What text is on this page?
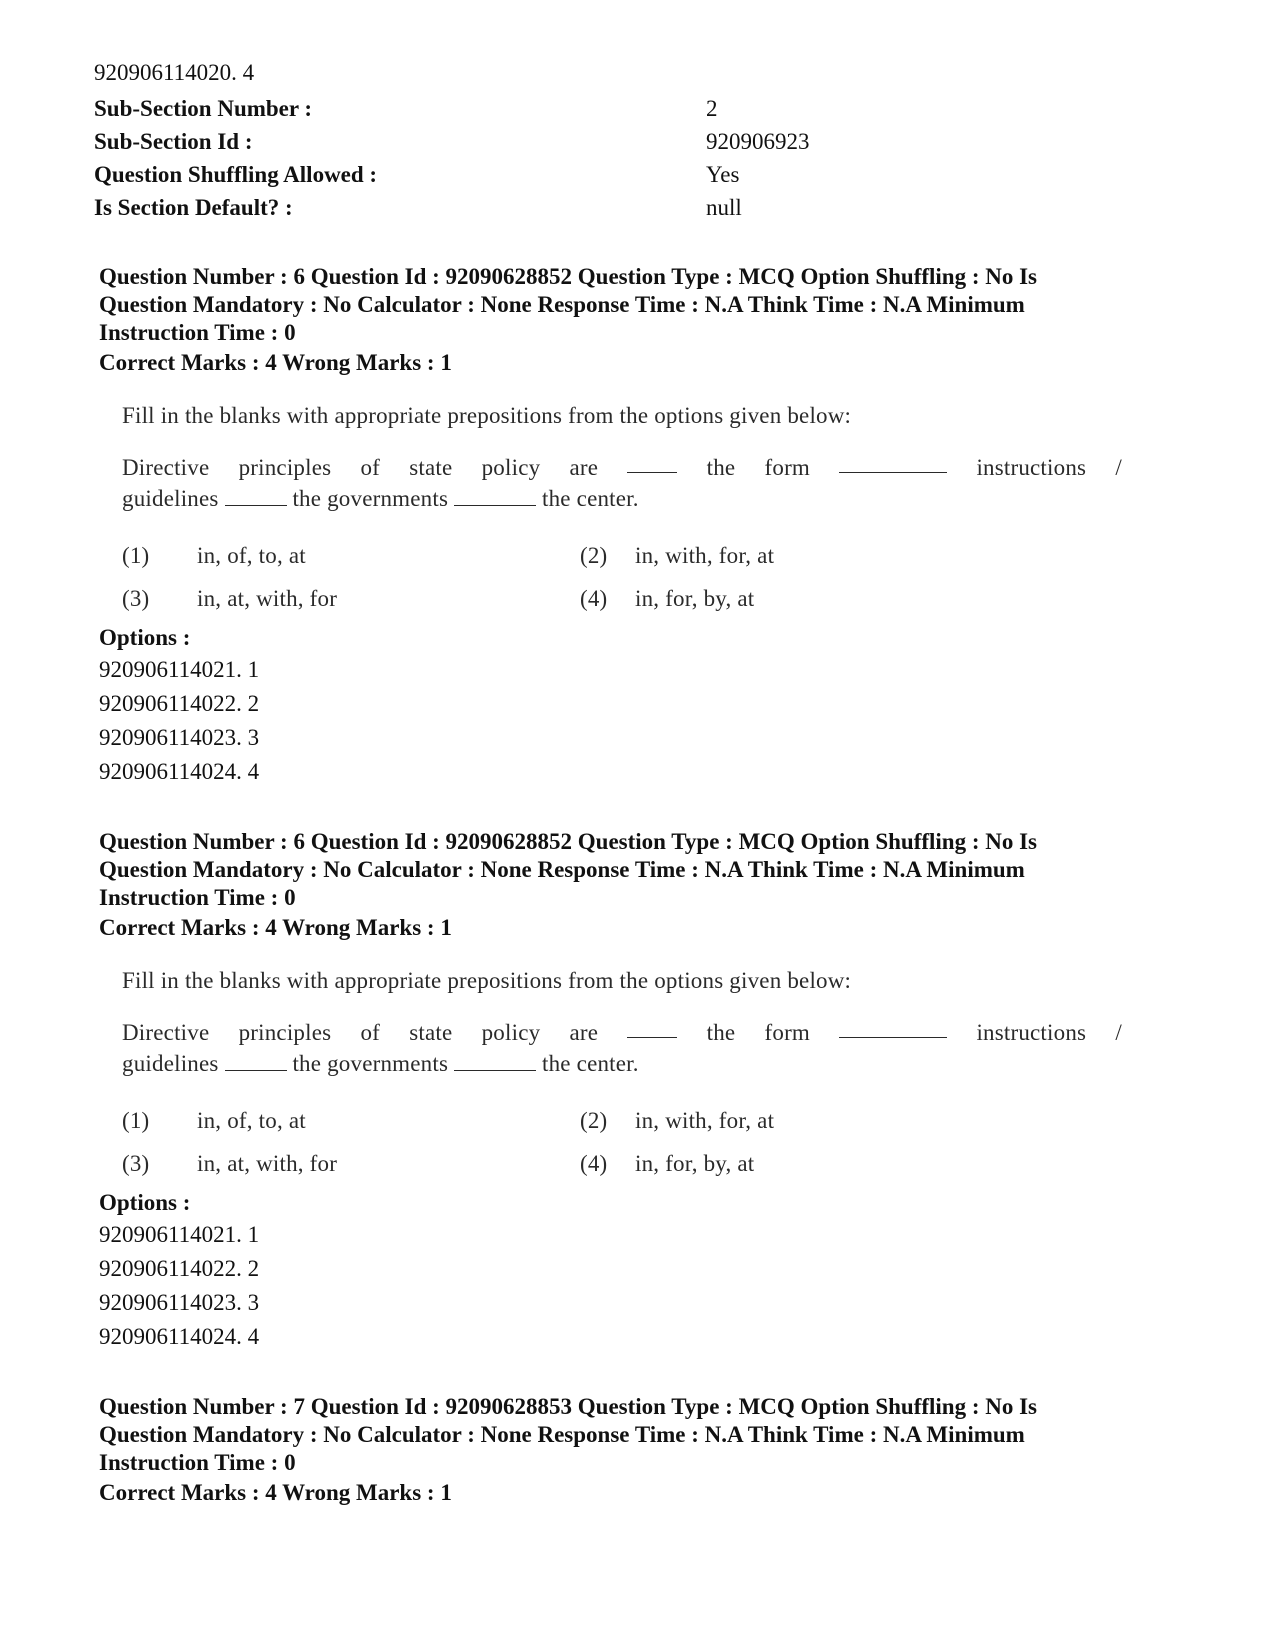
920906114020. 4
Sub-Section Number :	2
Sub-Section Id :	920906923
Question Shuffling Allowed :	Yes
Is Section Default? :	null
Question Number : 6 Question Id : 92090628852 Question Type : MCQ Option Shuffling : No Is Question Mandatory : No Calculator : None Response Time : N.A Think Time : N.A Minimum Instruction Time : 0
Correct Marks : 4 Wrong Marks : 1
Fill in the blanks with appropriate prepositions from the options given below:
Directive principles of state policy are	the form	instructions /
guidelines	the governments	the center.
(1)	in, of, to, at	(2)	in, with, for, at
(3)	in, at, with, for	(4)	in, for, by, at
Options :
920906114021. 1
920906114022. 2
920906114023. 3
920906114024. 4
Question Number : 6 Question Id : 92090628852 Question Type : MCQ Option Shuffling : No Is Question Mandatory : No Calculator : None Response Time : N.A Think Time : N.A Minimum Instruction Time : 0
Correct Marks : 4 Wrong Marks : 1
Fill in the blanks with appropriate prepositions from the options given below:
Directive principles of state policy are	the form	instructions /
guidelines	the governments	the center.
(1)	in, of, to, at	(2)	in, with, for, at
(3)	in, at, with, for	(4)	in, for, by, at
Options :
920906114021. 1
920906114022. 2
920906114023. 3
920906114024. 4
Question Number : 7 Question Id : 92090628853 Question Type : MCQ Option Shuffling : No Is Question Mandatory : No Calculator : None Response Time : N.A Think Time : N.A Minimum Instruction Time : 0
Correct Marks : 4 Wrong Marks : 1
